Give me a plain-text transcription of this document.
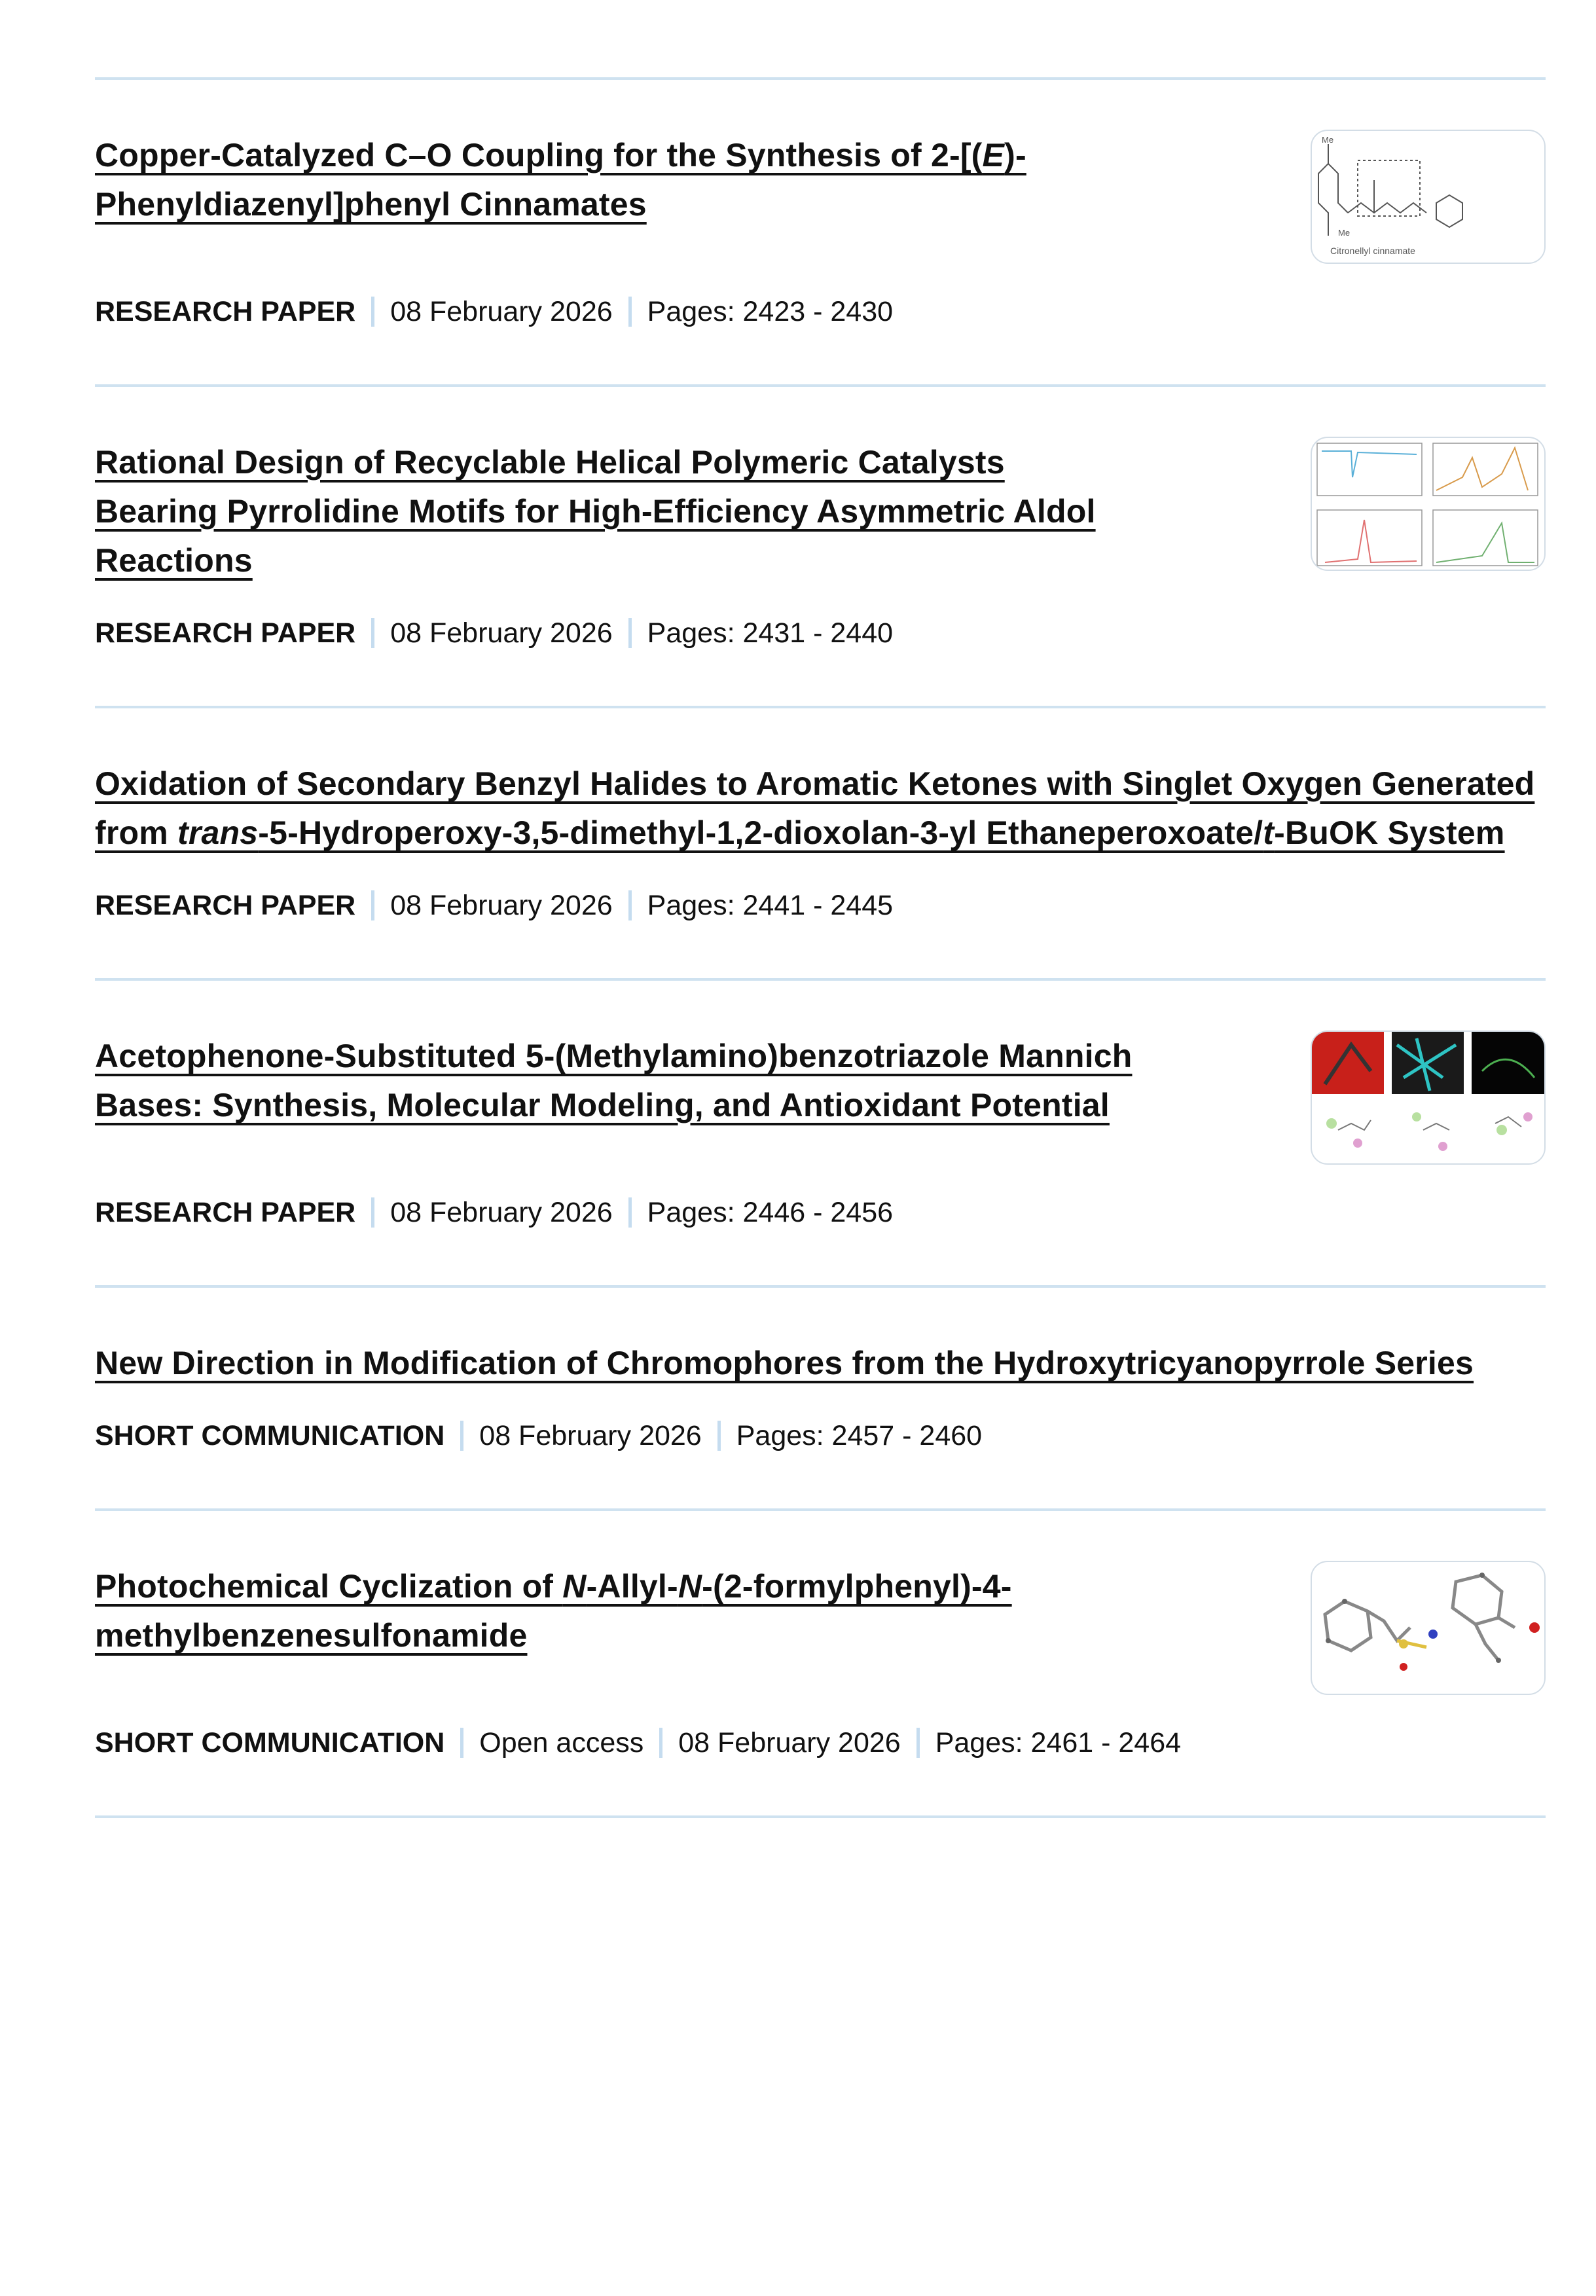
Copper-Catalyzed C–O Coupling for the Synthesis of 2-[(E)-Phenyldiazenyl]phenyl Cinnamates
Me
Me
Citronellyl cinnamate
RESEARCH PAPER 08 February 2026 Pages: 2423 - 2430
Rational Design of Recyclable Helical Polymeric Catalysts Bearing Pyrrolidine Motifs for High-Efficiency Asymmetric Aldol Reactions
RESEARCH PAPER 08 February 2026 Pages: 2431 - 2440
Oxidation of Secondary Benzyl Halides to Aromatic Ketones with Singlet Oxygen Generated from trans-5-Hydroperoxy-3,5-dimethyl-1,2-dioxolan-3-yl Ethaneperoxoate/t-BuOK System
RESEARCH PAPER 08 February 2026 Pages: 2441 - 2445
Acetophenone-Substituted 5-(Methylamino)benzotriazole Mannich Bases: Synthesis, Molecular Modeling, and Antioxidant Potential
RESEARCH PAPER 08 February 2026 Pages: 2446 - 2456
New Direction in Modification of Chromophores from the Hydroxytricyanopyrrole Series
SHORT COMMUNICATION 08 February 2026 Pages: 2457 - 2460
Photochemical Cyclization of N-Allyl-N-(2-formylphenyl)-4-methylbenzenesulfonamide
SHORT COMMUNICATION Open access 08 February 2026 Pages: 2461 - 2464
